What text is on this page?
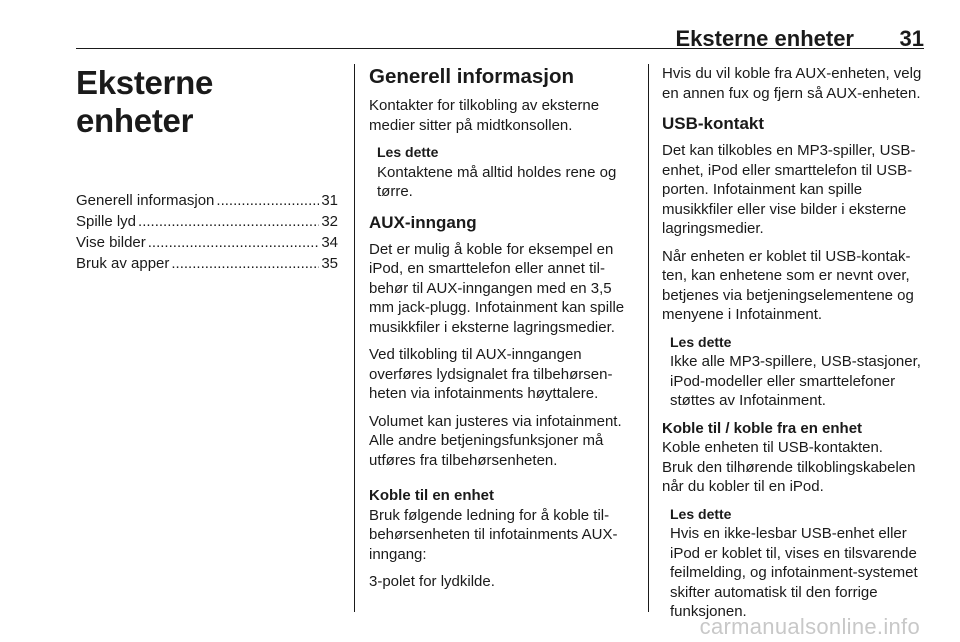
Eksterne enheter 31
Eksterne enheter
Generell informasjon .....	31
Spille lyd .....	32
Vise bilder .....	34
Bruk av apper .....	35
Generell informasjon

Kontakter for tilkobling av eksterne medier sitter på midtkonsollen.

Les dette
Kontaktene må alltid holdes rene og tørre.
AUX-inngang

Det er mulig å koble for eksempel en iPod, en smarttelefon eller annet tilbehør til AUX-inngangen med en 3,5 mm jack-plugg. Infotainment kan spille musikkfiler i eksterne lagringsmedier.

Ved tilkobling til AUX-inngangen overføres lydsignalet fra tilbehørsenheten via infotainments høyttalere.

Volumet kan justeres via infotainment. Alle andre betjeningsfunksjoner må utføres fra tilbehørsenheten.

Koble til en enhet
Bruk følgende ledning for å koble tilbehørsenheten til infotainments AUX-inngang:

3-polet for lydkilde.

Hvis du vil koble fra AUX-enheten, velg en annen fux og fjern så AUX-enheten.

USB-kontakt

Det kan tilkobles en MP3-spiller, USB-enhet, iPod eller smarttelefon til USB-porten. Infotainment kan spille musikkfiler eller vise bilder i eksterne lagringsmedier.

Når enheten er koblet til USB-kontakten, kan enhetene som er nevnt over, betjenes via betjeningselementene og menyene i Infotainment.

Les dette
Ikke alle MP3-spillere, USB-stasjoner, iPod-modeller eller smarttelefoner støttes av Infotainment.
Koble til / koble fra en enhet
Koble enheten til USB-kontakten.
Bruk den tilhørende tilkoblingskabelen når du kobler til en iPod.
Les dette
Hvis en ikke-lesbar USB-enhet eller iPod er koblet til, vises en tilsvarende feilmelding, og infotainment-systemet skifter automatisk til den forrige funksjonen.
carmanualsonline.info
